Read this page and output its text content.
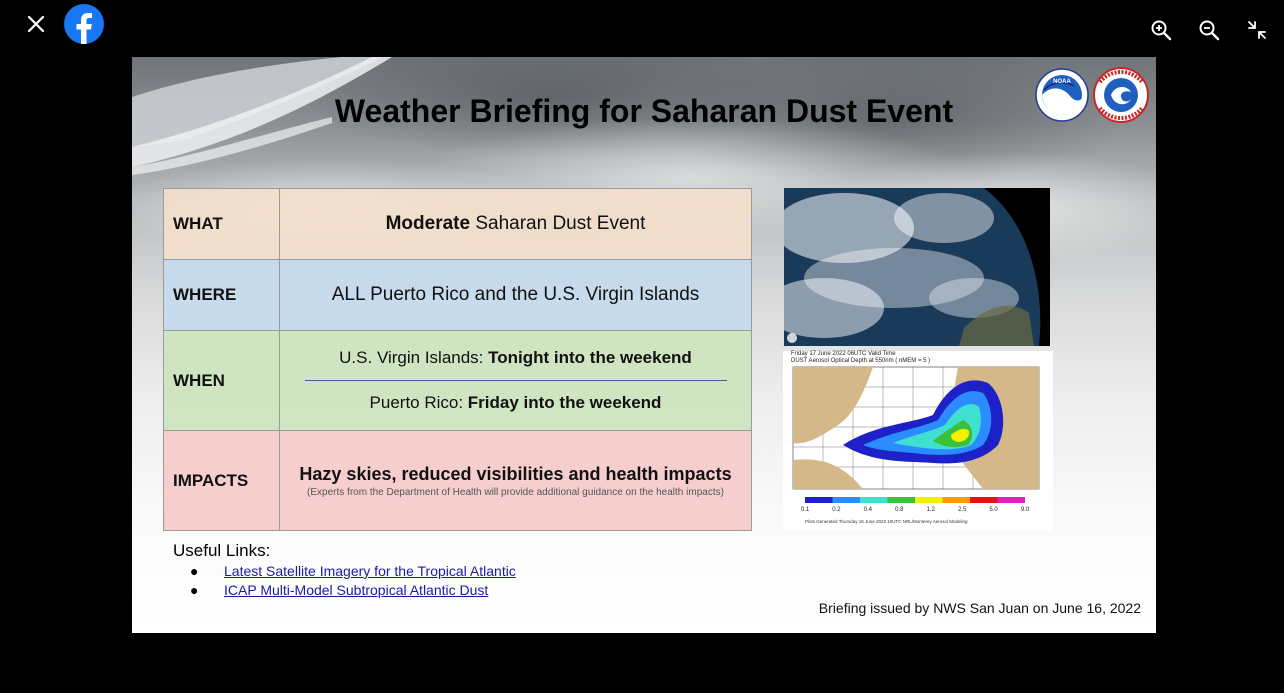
Weather Briefing for Saharan Dust Event
NOAA
WHAT	Moderate Saharan Dust Event
WHERE	ALL Puerto Rico and the U.S. Virgin Islands
WHEN	U.S. Virgin Islands: Tonight into the weekend
Puerto Rico: Friday into the weekend

IMPACTS	Hazy skies, reduced visibilities and health impacts
(Experts from the Department of Health will provide additional guidance on the health impacts)
Friday 17 June 2022 06UTC Valid Time
DUST Aerosol Optical Depth at 550nm ( nMEM = 5 )
0.1	0.2	0.4	0.8	1.2	2.5	5.0	9.0
Plots Generated Thursday 16 June 2022 10UTC NRL/Monterey Aerosol Modeling
Useful Links:
● Latest Satellite Imagery for the Tropical Atlantic
● ICAP Multi-Model Subtropical Atlantic Dust
Briefing issued by NWS San Juan on June 16, 2022
